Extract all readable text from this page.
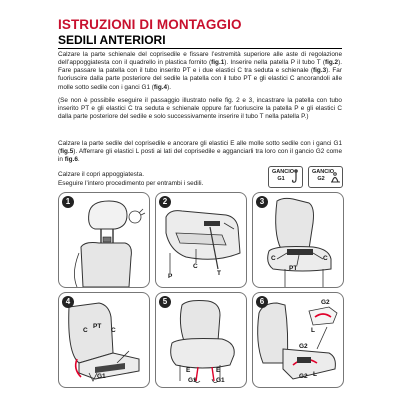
ISTRUZIONI DI MONTAGGIO
SEDILI ANTERIORI
Calzare la parte schienale del coprisedile e fissare l’estremità superiore alle aste di regolazione dell’appoggiatesta con il quadrello in plastica fornito (fig.1). Inserire nella patella P il tubo T (fig.2). Fare passare la patella con il tubo inserito PT e i due elastici C tra seduta e schienale (fig.3). Far fuoriuscire dalla parte posteriore del sedile la patella con il tubo PT e gli elastici C ancorandoli alle molle sotto sedile con i ganci G1 (fig.4).
(Se non è possibile eseguire il passaggio illustrato nelle fig. 2 e 3, incastrare la patella con tubo inserito PT e gli elastici C tra seduta e schienale oppure far fuoriuscire la patella P e gli elastici C dalla parte posteriore del sedile e solo successivamente inserire il tubo T nella patella P.)
Calzare la parte sedile del coprisedile e ancorare gli elastici E alle molle sotto sedile con i ganci G1 (fig.5). Afferrare gli elastici L posti ai lati del coprisedile e agganciarli tra loro con il gancio G2 come in fig.6.
Calzare il copri appoggiatesta.
Eseguire l’intero procedimento per entrambi i sedili.
GANCIO
G1
GANCIO
G2
1	2
P
C
T
3
C
PT
C
4
C
PT
C
G1
5
E
G1
E
G1
6	G2
L
G2
L
G2
